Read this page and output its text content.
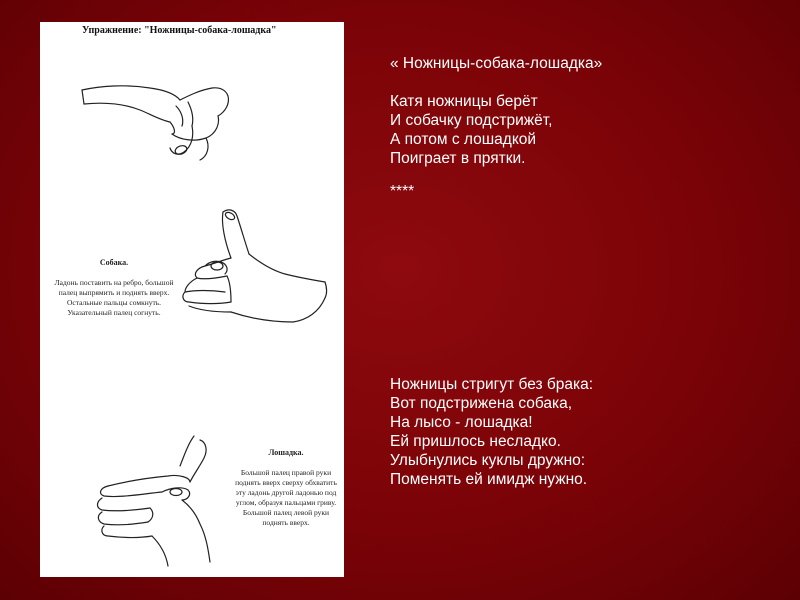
Упражнение: "Ножницы-собака-лошадка"

Собака.

Ладонь поставить на ребро, большой
палец выпрямить и поднять вверх.
Остальные пальцы сомкнуть.
Указательный палец согнуть.

Лошадка.

Большой палец правой руки
поднять вверх сверху обхватить
эту ладонь другой ладонью под
углом, образуя пальцами гриву.
Большой палец левой руки
поднять вверх.

« Ножницы-собака-лошадка»
Катя ножницы берёт
И собачку подстрижёт,
А потом с лошадкой
Поиграет в прятки.
****
Ножницы стригут без брака:
Вот подстрижена собака,
На лысо - лошадка!
Ей пришлось несладко.
Улыбнулись куклы дружно:
Поменять ей имидж нужно.
